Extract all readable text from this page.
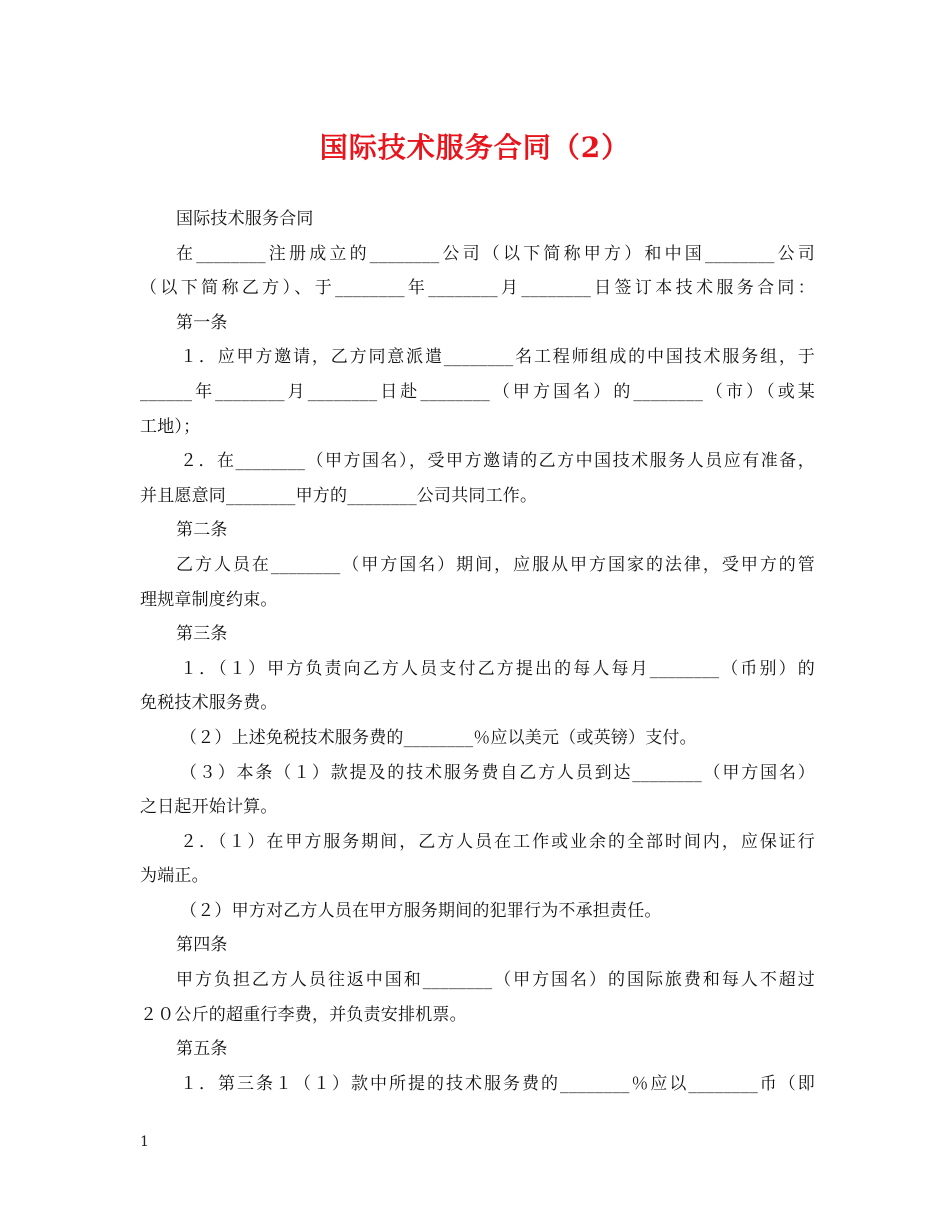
国际技术服务合同（2）
国际技术服务合同
在________注册成立的________公司（以下简称甲方）和中国________公司
（以下简称乙方）、于________年________月________日签订本技术服务合同：
第一条
１．应甲方邀请，乙方同意派遣________名工程师组成的中国技术服务组，于
______年________月________日赴________（甲方国名）的________（市）（或某
工地）；
２．在________（甲方国名），受甲方邀请的乙方中国技术服务人员应有准备，
并且愿意同________甲方的________公司共同工作。
第二条
乙方人员在________（甲方国名）期间，应服从甲方国家的法律，受甲方的管
理规章制度约束。
第三条
１．（１）甲方负责向乙方人员支付乙方提出的每人每月________（币别）的
免税技术服务费。
（２）上述免税技术服务费的________％应以美元（或英镑）支付。
（３）本条（１）款提及的技术服务费自乙方人员到达________（甲方国名）
之日起开始计算。
２．（１）在甲方服务期间，乙方人员在工作或业余的全部时间内，应保证行
为端正。
（２）甲方对乙方人员在甲方服务期间的犯罪行为不承担责任。
第四条
甲方负担乙方人员往返中国和________（甲方国名）的国际旅费和每人不超过
２０公斤的超重行李费，并负责安排机票。
第五条
１．第三条１（１）款中所提的技术服务费的________％应以________币（即
1
